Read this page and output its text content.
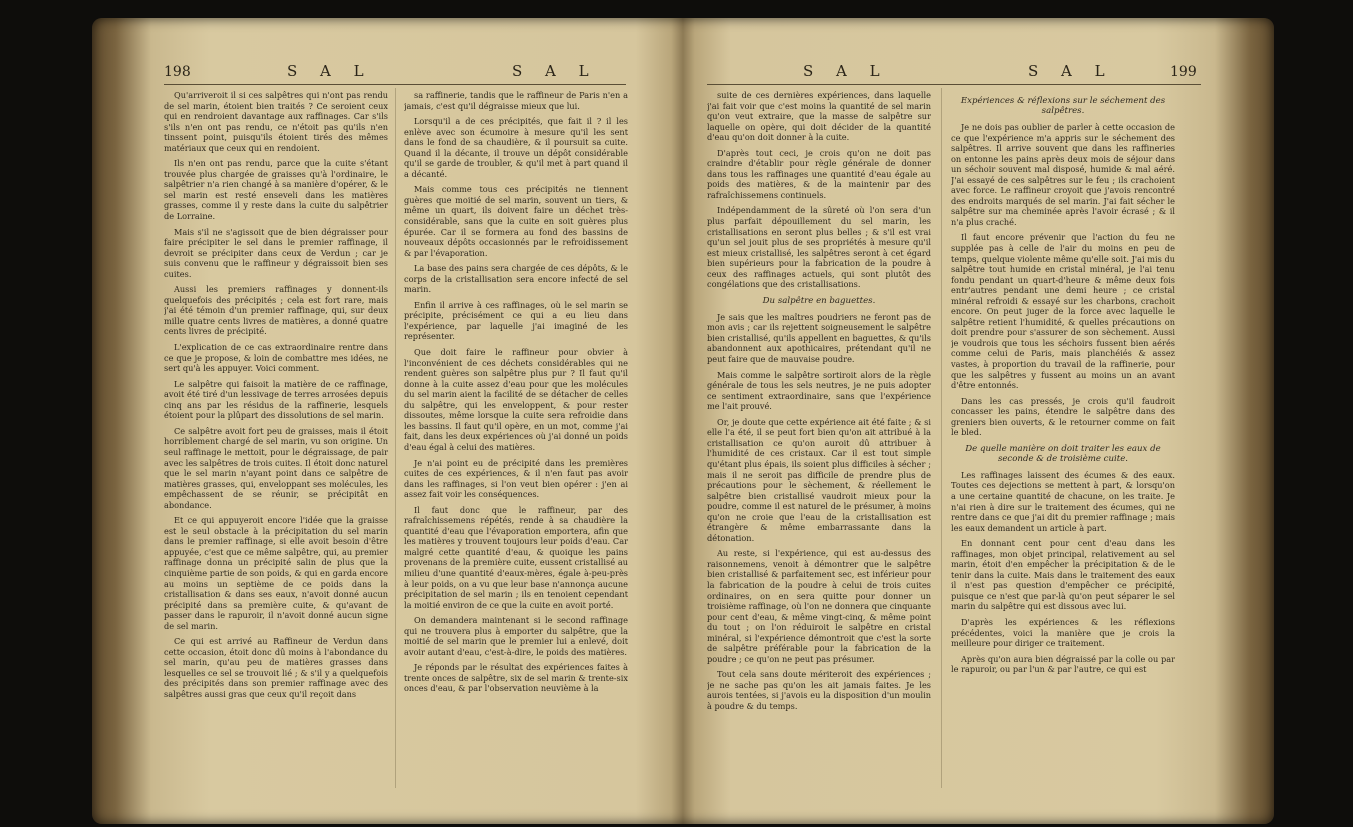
198	S A L	S A L

Qu'arriveroit il si ces salpêtres qui n'ont pas rendu de sel marin, étoient bien traités ? Ce seroient ceux qui en rendroient davantage aux raffinages. Car s'ils s'ils n'en ont pas rendu, ce n'étoit pas qu'ils n'en tinssent point, puisqu'ils étoient tirés des mêmes matériaux que ceux qui en rendoient.

Ils n'en ont pas rendu, parce que la cuite s'étant trouvée plus chargée de graisses qu'à l'ordinaire, le salpêtrier n'a rien changé à sa manière d'opérer, & le sel marin est resté enseveli dans les matières grasses, comme il y reste dans la cuite du salpêtrier de Lorraine.

Mais s'il ne s'agissoit que de bien dégraisser pour faire précipiter le sel dans le premier raffinage, il devroit se précipiter dans ceux de Verdun ; car je suis convenu que le raffineur y dégraissoit bien ses cuites.

Aussi les premiers raffinages y donnent-ils quelquefois des précipités ; cela est fort rare, mais j'ai été témoin d'un premier raffinage, qui, sur deux mille quatre cents livres de matières, a donné quatre cents livres de précipité.

L'explication de ce cas extraordinaire rentre dans ce que je propose, & loin de combattre mes idées, ne sert qu'à les appuyer. Voici comment.

Le salpêtre qui faisoit la matière de ce raffinage, avoit été tiré d'un lessivage de terres arrosées depuis cinq ans par les résidus de la raffinerie, lesquels étoient pour la plûpart des dissolutions de sel marin.

Ce salpêtre avoit fort peu de graisses, mais il étoit horriblement chargé de sel marin, vu son origine. Un seul raffinage le mettoit, pour le dégraissage, de pair avec les salpêtres de trois cuites. Il étoit donc naturel que le sel marin n'ayant point dans ce salpêtre de matières grasses, qui, enveloppant ses molécules, les empêchassent de se réunir, se précipitât en abondance.

Et ce qui appuyeroit encore l'idée que la graisse est le seul obstacle à la précipitation du sel marin dans le premier raffinage, si elle avoit besoin d'être appuyée, c'est que ce même salpêtre, qui, au premier raffinage donna un précipité salin de plus que la cinquième partie de son poids, & qui en garda encore au moins un septième de ce poids dans la cristallisation & dans ses eaux, n'avoit donné aucun précipité dans sa première cuite, & qu'avant de passer dans le rapuroir, il n'avoit donné aucun signe de sel marin.

Ce qui est arrivé au Raffineur de Verdun dans cette occasion, étoit donc dû moins à l'abondance du sel marin, qu'au peu de matières grasses dans lesquelles ce sel se trouvoit lié ; & s'il y a quelquefois des précipités dans son premier raffinage avec des salpêtres aussi gras que ceux qu'il reçoit dans

sa raffinerie, tandis que le raffineur de Paris n'en a jamais, c'est qu'il dégraisse mieux que lui.

Lorsqu'il a de ces précipités, que fait il ? il les enlève avec son écumoire à mesure qu'il les sent dans le fond de sa chaudière, & il poursuit sa cuite. Quand il la décante, il trouve un dépôt considérable qu'il se garde de troubler, & qu'il met à part quand il a décanté.

Mais comme tous ces précipités ne tiennent guères que moitié de sel marin, souvent un tiers, & même un quart, ils doivent faire un déchet très-considérable, sans que la cuite en soit guères plus épurée. Car il se formera au fond des bassins de nouveaux dépôts occasionnés par le refroidissement & par l'évaporation.

La base des pains sera chargée de ces dépôts, & le corps de la cristallisation sera encore infecté de sel marin.

Enfin il arrive à ces raffinages, où le sel marin se précipite, précisément ce qui a eu lieu dans l'expérience, par laquelle j'ai imaginé de les représenter.

Que doit faire le raffineur pour obvier à l'inconvénient de ces déchets considérables qui ne rendent guères son salpêtre plus pur ? Il faut qu'il donne à la cuite assez d'eau pour que les molécules du sel marin aient la facilité de se détacher de celles du salpêtre, qui les enveloppent, & pour rester dissoutes, même lorsque la cuite sera refroidie dans les bassins. Il faut qu'il opère, en un mot, comme j'ai fait, dans les deux expériences où j'ai donné un poids d'eau égal à celui des matières.

Je n'ai point eu de précipité dans les premières cuites de ces expériences, & il n'en faut pas avoir dans les raffinages, si l'on veut bien opérer : j'en ai assez fait voir les conséquences.

Il faut donc que le raffineur, par des rafraîchissemens répétés, rende à sa chaudière la quantité d'eau que l'évaporation emportera, afin que les matières y trouvent toujours leur poids d'eau. Car malgré cette quantité d'eau, & quoique les pains provenans de la première cuite, eussent cristallisé au milieu d'une quantité d'eaux-mères, égale à-peu-près à leur poids, on a vu que leur base n'annonça aucune précipitation de sel marin ; ils en tenoient cependant la moitié environ de ce que la cuite en avoit porté.

On demandera maintenant si le second raffinage qui ne trouvera plus à emporter du salpêtre, que la moitié de sel marin que le premier lui a enlevé, doit avoir autant d'eau, c'est-à-dire, le poids des matières.

Je réponds par le résultat des expériences faites à trente onces de salpêtre, six de sel marin & trente-six onces d'eau, & par l'observation neuvième à la

S A L	S A L	199

suite de ces dernières expériences, dans laquelle j'ai fait voir que c'est moins la quantité de sel marin qu'on veut extraire, que la masse de salpêtre sur laquelle on opère, qui doit décider de la quantité d'eau qu'on doit donner à la cuite.

D'après tout ceci, je crois qu'on ne doit pas craindre d'établir pour règle générale de donner dans tous les raffinages une quantité d'eau égale au poids des matières, & de la maintenir par des rafraîchissemens continuels.

Indépendamment de la sûreté où l'on sera d'un plus parfait dépouillement du sel marin, les cristallisations en seront plus belles ; & s'il est vrai qu'un sel jouit plus de ses propriétés à mesure qu'il est mieux cristallisé, les salpêtres seront à cet égard bien supérieurs pour la fabrication de la poudre à ceux des raffinages actuels, qui sont plutôt des congélations que des cristallisations.

Du salpêtre en baguettes.

Je sais que les maîtres poudriers ne feront pas de mon avis ; car ils rejettent soigneusement le salpêtre bien cristallisé, qu'ils appellent en baguettes, & qu'ils abandonnent aux apothicaires, prétendant qu'il ne peut faire que de mauvaise poudre.

Mais comme le salpêtre sortiroit alors de la règle générale de tous les sels neutres, je ne puis adopter ce sentiment extraordinaire, sans que l'expérience me l'ait prouvé.

Or, je doute que cette expérience ait été faite ; & si elle l'a été, il se peut fort bien qu'on ait attribué à la cristallisation ce qu'on auroit dû attribuer à l'humidité de ces cristaux. Car il est tout simple qu'étant plus épais, ils soient plus difficiles à sécher ; mais il ne seroit pas difficile de prendre plus de précautions pour le sèchement, & réellement le salpêtre bien cristallisé vaudroit mieux pour la poudre, comme il est naturel de le présumer, à moins qu'on ne croie que l'eau de la cristallisation est étrangère & même embarrassante dans la détonation.

Au reste, si l'expérience, qui est au-dessus des raisonnemens, venoit à démontrer que le salpêtre bien cristallisé & parfaitement sec, est inférieur pour la fabrication de la poudre à celui de trois cuites ordinaires, on en sera quitte pour donner un troisième raffinage, où l'on ne donnera que cinquante pour cent d'eau, & même vingt-cinq, & même point du tout ; on l'on réduiroit le salpêtre en cristal minéral, si l'expérience démontroit que c'est la sorte de salpêtre préférable pour la fabrication de la poudre ; ce qu'on ne peut pas présumer.

Tout cela sans doute mériteroit des expériences ; je ne sache pas qu'on les ait jamais faites. Je les aurois tentées, si j'avois eu la disposition d'un moulin à poudre & du temps.

Expériences & réflexions sur le séchement des salpêtres.

Je ne dois pas oublier de parler à cette occasion de ce que l'expérience m'a appris sur le séchement des salpêtres. Il arrive souvent que dans les raffineries on entonne les pains après deux mois de séjour dans un séchoir souvent mal disposé, humide & mal aéré. J'ai essayé de ces salpêtres sur le feu ; ils crachoient avec force. Le raffineur croyoit que j'avois rencontré des endroits marqués de sel marin. J'ai fait sécher le salpêtre sur ma cheminée après l'avoir écrasé ; & il n'a plus craché.

Il faut encore prévenir que l'action du feu ne supplée pas à celle de l'air du moins en peu de temps, quelque violente même qu'elle soit. J'ai mis du salpêtre tout humide en cristal minéral, je l'ai tenu fondu pendant un quart-d'heure & même deux fois entr'autres pendant une demi heure ; ce cristal minéral refroidi & essayé sur les charbons, crachoit encore. On peut juger de la force avec laquelle le salpêtre retient l'humidité, & quelles précautions on doit prendre pour s'assurer de son sèchement. Aussi je voudrois que tous les séchoirs fussent bien aérés comme celui de Paris, mais planchéiés & assez vastes, à proportion du travail de la raffinerie, pour que les salpêtres y fussent au moins un an avant d'être entonnés.

Dans les cas pressés, je crois qu'il faudroit concasser les pains, étendre le salpêtre dans des greniers bien ouverts, & le retourner comme on fait le bled.

De quelle manière on doit traiter les eaux de seconde & de troisième cuite.

Les raffinages laissent des écumes & des eaux. Toutes ces dejections se mettent à part, & lorsqu'on a une certaine quantité de chacune, on les traite. Je n'ai rien à dire sur le traitement des écumes, qui ne rentre dans ce que j'ai dit du premier raffinage ; mais les eaux demandent un article à part.

En donnant cent pour cent d'eau dans les raffinages, mon objet principal, relativement au sel marin, étoit d'en empêcher la précipitation & de le tenir dans la cuite. Mais dans le traitement des eaux il n'est pas question d'empêcher ce précipité, puisque ce n'est que par-là qu'on peut séparer le sel marin du salpêtre qui est dissous avec lui.

D'après les expériences & les réflexions précédentes, voici la manière que je crois la meilleure pour diriger ce traitement.

Après qu'on aura bien dégraissé par la colle ou par le rapuroir, ou par l'un & par l'autre, ce qui est
